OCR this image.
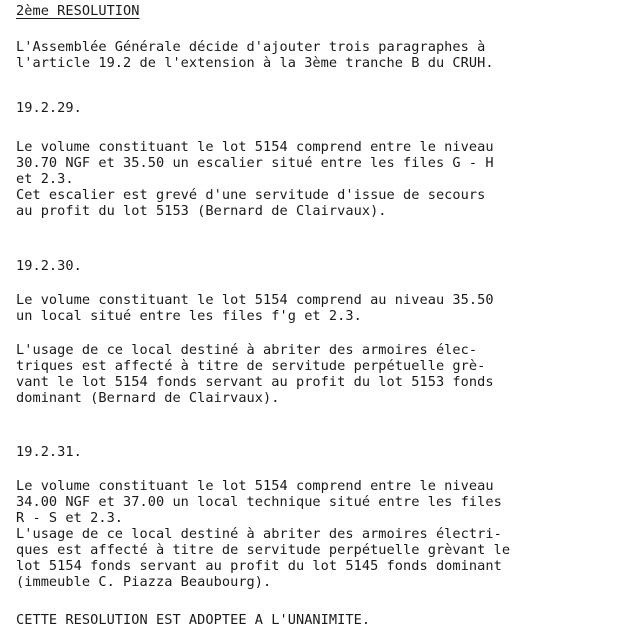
2ème RESOLUTION
L'Assemblée Générale décide d'ajouter trois paragraphes à
l'article 19.2 de l'extension à la 3ème tranche B du CRUH.
19.2.29.
Le volume constituant le lot 5154 comprend entre le niveau
30.70 NGF et 35.50 un escalier situé entre les files G - H
et 2.3.
Cet escalier est grevé d'une servitude d'issue de secours
au profit du lot 5153 (Bernard de Clairvaux).
19.2.30.
Le volume constituant le lot 5154 comprend au niveau 35.50
un local situé entre les files f'g et 2.3.
L'usage de ce local destiné à abriter des armoires élec-
triques est affecté à titre de servitude perpétuelle grè-
vant le lot 5154 fonds servant au profit du lot 5153 fonds
dominant (Bernard de Clairvaux).
19.2.31.
Le volume constituant le lot 5154 comprend entre le niveau
34.00 NGF et 37.00 un local technique situé entre les files
R - S et 2.3.
L'usage de ce local destiné à abriter des armoires électri-
ques est affecté à titre de servitude perpétuelle grèvant le
lot 5154 fonds servant au profit du lot 5145 fonds dominant
(immeuble C. Piazza Beaubourg).
CETTE RESOLUTION EST ADOPTEE A L'UNANIMITE.
